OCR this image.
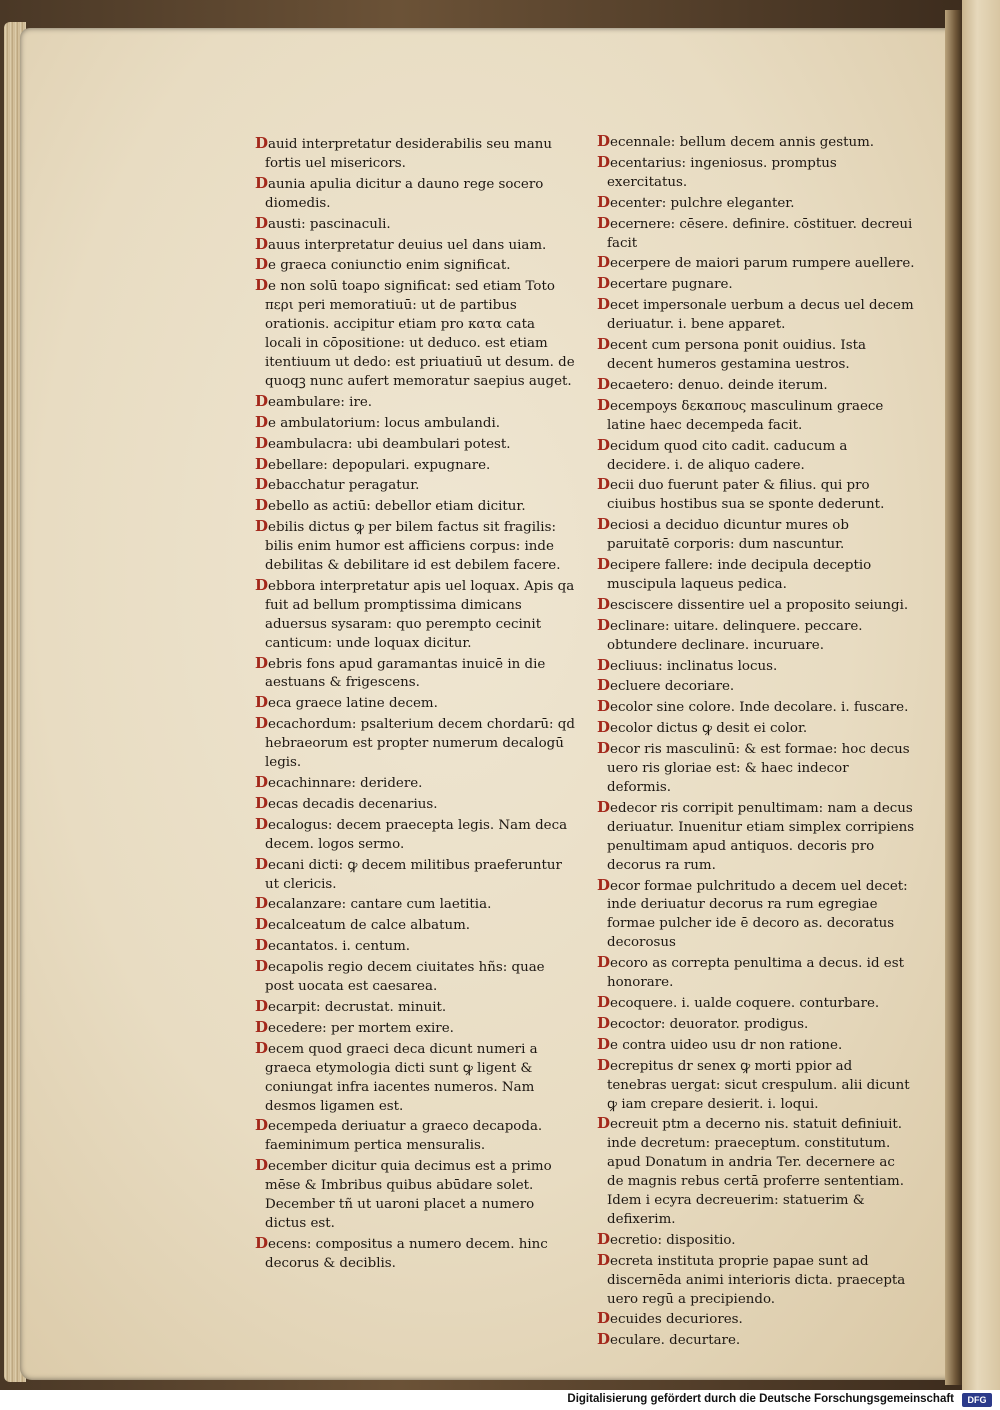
Dauid interpretatur desiderabilis seu manu fortis uel misericors.
Daunia apulia dicitur a dauno rege socero diomedis.
Dausti: pascinaculi.
Dauus interpretatur deuius uel dans uiam.
De graeca coniunctio enim significat.
De non solū toapo significat: sed etiam Toto περι peri memoratiuū: ut de partibus orationis. accipitur etiam pro κατα cata locali in cōpositione: ut deduco. est etiam itentiuum ut dedo: est priuatiuū ut desum. de quoqꝫ nunc aufert memoratur saepius auget.
Deambulare: ire.
De ambulatorium: locus ambulandi.
Deambulacra: ubi deambulari potest.
Debellare: depopulari. expugnare.
Debacchatur peragatur.
Debello as actiū: debellor etiam dicitur.
Debilis dictus ꝙ per bilem factus sit fragilis: bilis enim humor est afficiens corpus: inde debilitas & debilitare id est debilem facere.
Debbora interpretatur apis uel loquax. Apis qa fuit ad bellum promptissima dimicans aduersus sysaram: quo perempto cecinit canticum: unde loquax dicitur.
Debris fons apud garamantas inuicē in die aestuans & frigescens.
Deca graece latine decem.
Decachordum: psalterium decem chordarū: qd hebraeorum est propter numerum decalogū legis.
Decachinnare: deridere.
Decas decadis decenarius.
Decalogus: decem praecepta legis. Nam deca decem. logos sermo.
Decani dicti: ꝙ decem militibus praeferuntur ut clericis.
Decalanzare: cantare cum laetitia.
Decalceatum de calce albatum.
Decantatos. i. centum.
Decapolis regio decem ciuitates hñs: quae post uocata est caesarea.
Decarpit: decrustat. minuit.
Decedere: per mortem exire.
Decem quod graeci deca dicunt numeri a graeca etymologia dicti sunt ꝙ ligent & coniungat infra iacentes numeros. Nam desmos ligamen est.
Decempeda deriuatur a graeco decapoda. faeminimum pertica mensuralis.
December dicitur quia decimus est a primo mēse & Imbribus quibus abūdare solet. December tñ ut uaroni placet a numero dictus est.
Decens: compositus a numero decem. hinc decorus & deciblis.
Decennale: bellum decem annis gestum.
Decentarius: ingeniosus. promptus exercitatus.
Decenter: pulchre eleganter.
Decernere: cēsere. definire. cōstituer. decreui facit
Decerpere de maiori parum rumpere auellere.
Decertare pugnare.
Decet impersonale uerbum a decus uel decem deriuatur. i. bene apparet.
Decent cum persona ponit ouidius. Ista decent humeros gestamina uestros.
Decaetero: denuo. deinde iterum.
Decempoys δεκαπους masculinum graece latine haec decempeda facit.
Decidum quod cito cadit. caducum a decidere. i. de aliquo cadere.
Decii duo fuerunt pater & filius. qui pro ciuibus hostibus sua se sponte dederunt.
Deciosi a deciduo dicuntur mures ob paruitatē corporis: dum nascuntur.
Decipere fallere: inde decipula deceptio muscipula laqueus pedica.
Desciscere dissentire uel a proposito seiungi.
Declinare: uitare. delinquere. peccare. obtundere declinare. incuruare.
Decliuus: inclinatus locus.
Decluere decoriare.
Decolor sine colore. Inde decolare. i. fuscare.
Decolor dictus ꝙ desit ei color.
Decor ris masculinū: & est formae: hoc decus uero ris gloriae est: & haec indecor deformis.
Dedecor ris corripit penultimam: nam a decus deriuatur. Inuenitur etiam simplex corripiens penultimam apud antiquos. decoris pro decorus ra rum.
Decor formae pulchritudo a decem uel decet: inde deriuatur decorus ra rum egregiae formae pulcher ide ē decoro as. decoratus decorosus
Decoro as correpta penultima a decus. id est honorare.
Decoquere. i. ualde coquere. conturbare.
Decoctor: deuorator. prodigus.
De contra uideo usu dr non ratione.
Decrepitus dr senex ꝙ morti ppior ad tenebras uergat: sicut crespulum. alii dicunt ꝙ iam crepare desierit. i. loqui.
Decreuit ptm a decerno nis. statuit definiuit. inde decretum: praeceptum. constitutum. apud Donatum in andria Ter. decernere ac de magnis rebus certā proferre sententiam. Idem i ecyra decreuerim: statuerim & defixerim.
Decretio: dispositio.
Decreta instituta proprie papae sunt ad discernēda animi interioris dicta. praecepta uero regū a precipiendo.
Decuides decuriores.
Deculare. decurtare.
Digitalisierung gefördert durch die Deutsche Forschungsgemeinschaft	DFG
